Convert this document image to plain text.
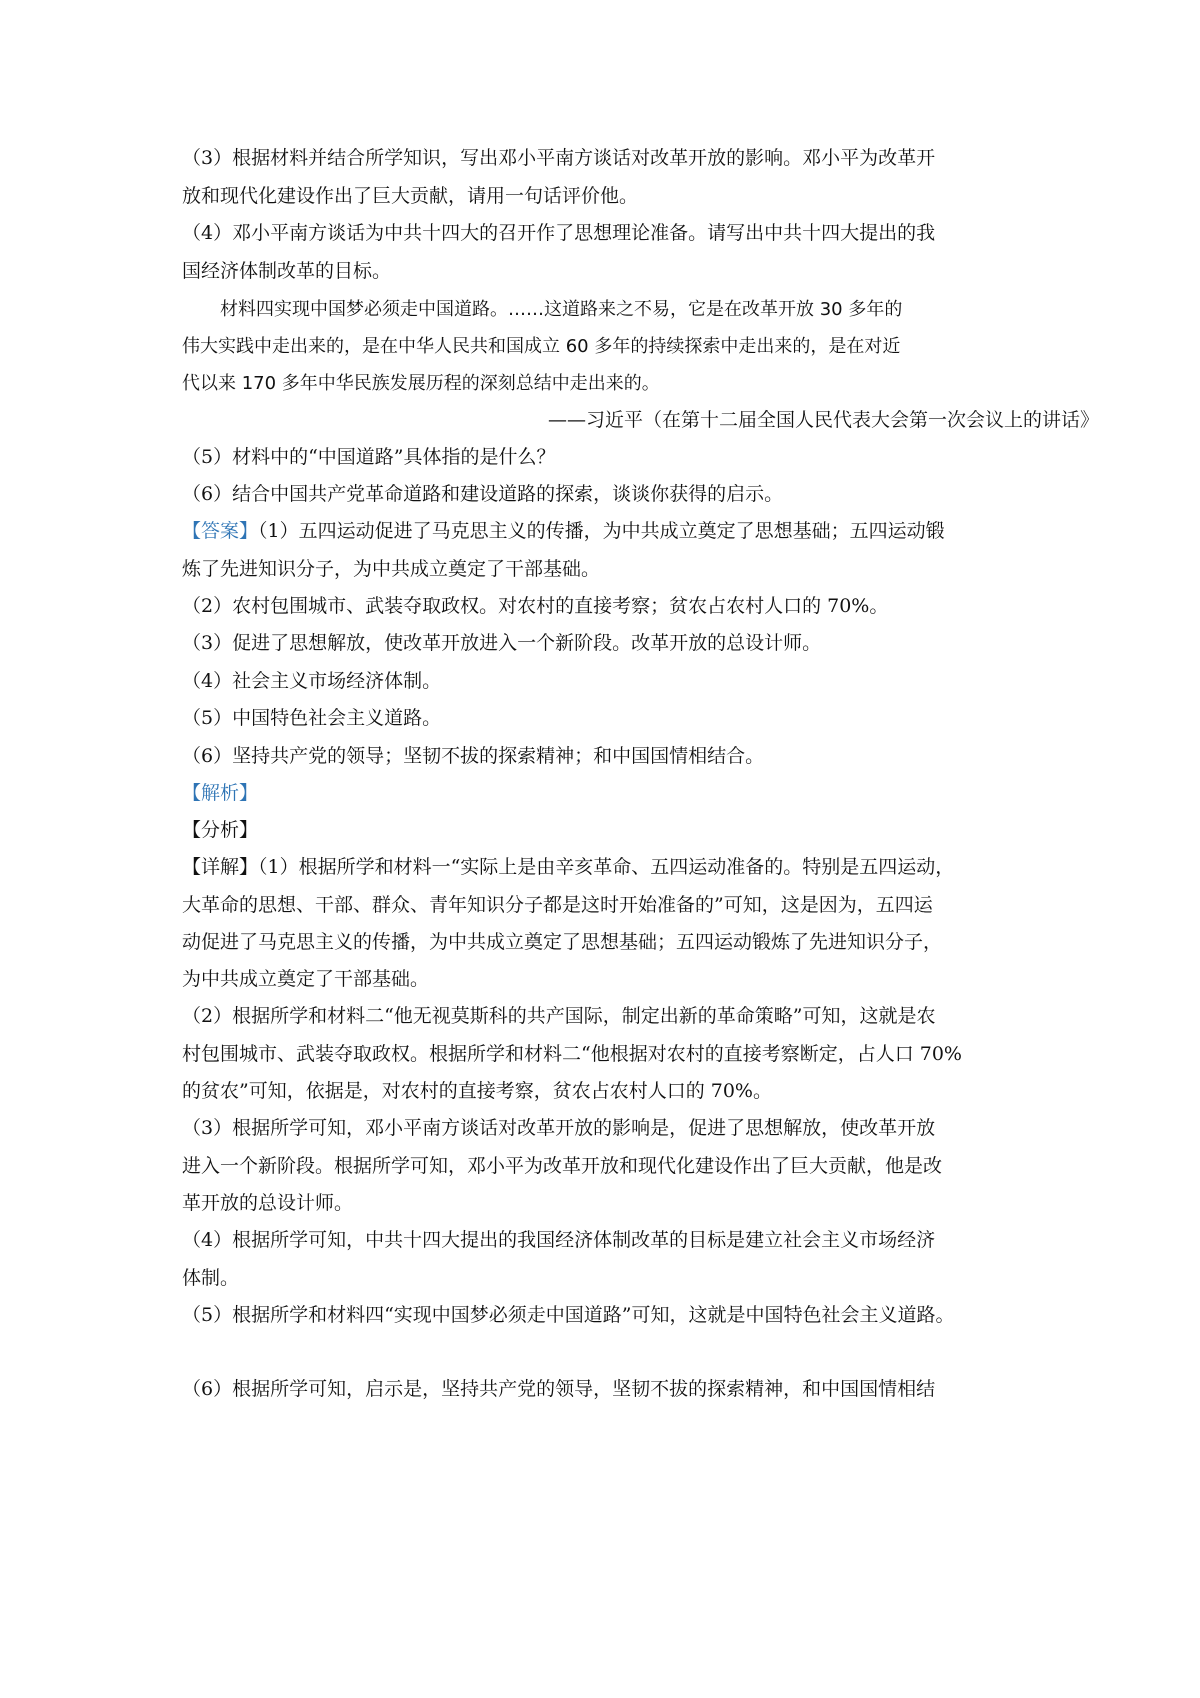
（3）根据材料并结合所学知识，写出邓小平南方谈话对改革开放的影响。邓小平为改革开
放和现代化建设作出了巨大贡献，请用一句话评价他。
（4）邓小平南方谈话为中共十四大的召开作了思想理论准备。请写出中共十四大提出的我
国经济体制改革的目标。
材料四实现中国梦必须走中国道路。……这道路来之不易，它是在改革开放 30 多年的
伟大实践中走出来的，是在中华人民共和国成立 60 多年的持续探索中走出来的，是在对近
代以来 170 多年中华民族发展历程的深刻总结中走出来的。
——习近平（在第十二届全国人民代表大会第一次会议上的讲话》
（5）材料中的“中国道路”具体指的是什么？
（6）结合中国共产党革命道路和建设道路的探索，谈谈你获得的启示。
【答案】（1）五四运动促进了马克思主义的传播，为中共成立奠定了思想基础；五四运动锻
炼了先进知识分子，为中共成立奠定了干部基础。
（2）农村包围城市、武装夺取政权。对农村的直接考察；贫农占农村人口的 70%。
（3）促进了思想解放，使改革开放进入一个新阶段。改革开放的总设计师。
（4）社会主义市场经济体制。
（5）中国特色社会主义道路。
（6）坚持共产党的领导；坚韧不拔的探索精神；和中国国情相结合。
【解析】
【分析】
【详解】（1）根据所学和材料一“实际上是由辛亥革命、五四运动准备的。特别是五四运动，
大革命的思想、干部、群众、青年知识分子都是这时开始准备的”可知，这是因为，五四运
动促进了马克思主义的传播，为中共成立奠定了思想基础；五四运动锻炼了先进知识分子，
为中共成立奠定了干部基础。
（2）根据所学和材料二“他无视莫斯科的共产国际，制定出新的革命策略”可知，这就是农
村包围城市、武装夺取政权。根据所学和材料二“他根据对农村的直接考察断定，占人口 70%
的贫农”可知，依据是，对农村的直接考察，贫农占农村人口的 70%。
（3）根据所学可知，邓小平南方谈话对改革开放的影响是，促进了思想解放，使改革开放
进入一个新阶段。根据所学可知，邓小平为改革开放和现代化建设作出了巨大贡献，他是改
革开放的总设计师。
（4）根据所学可知，中共十四大提出的我国经济体制改革的目标是建立社会主义市场经济
体制。
（5）根据所学和材料四“实现中国梦必须走中国道路”可知，这就是中国特色社会主义道路。
（6）根据所学可知，启示是，坚持共产党的领导，坚韧不拔的探索精神，和中国国情相结
